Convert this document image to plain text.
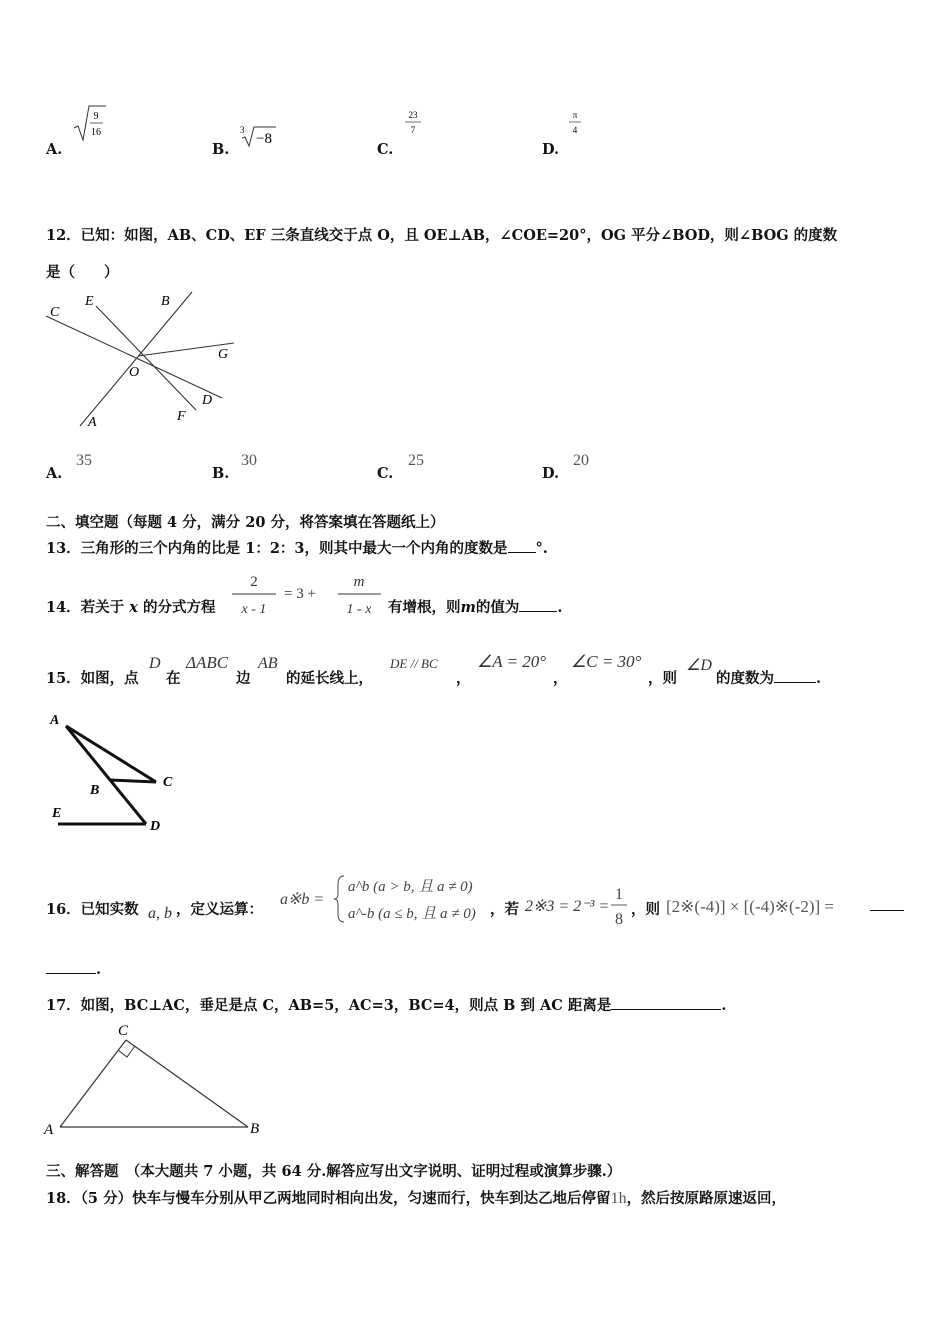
A.
9
16
B.
3
−8
C.
23
7
D.
π
4
12．已知：如图，AB、CD、EF 三条直线交于点 O，且 OE⊥AB，∠COE=20°，OG 平分∠BOD，则∠BOG 的度数
是（　　）
C
E	B
G
O
D
F
A
A.
35
B.
30
C.
25
D.
20
二、填空题（每题 4 分，满分 20 分，将答案填在答题纸上）
13．三角形的三个内角的比是 1：2：3，则其中最大一个内角的度数是 °.
14．若关于 x 的分式方程
2
x - 1
= 3 +
m
1 - x 有增根，则m的值为	.
15．如图，点
D
在
ΔABC
边
AB
的延长线上，
DE // BC
，
∠A = 20°
，
∠C = 30°
，则
∠D
的度数为	.
A
C
B
E
D
16．已知实数 a, b ，定义运算：
a※b =
a^b (a > b, 且 a ≠ 0)
a^-b (a ≤ b, 且 a ≠ 0) ，若 2※3 = 2⁻³ =
1
8
，则 [2※(-4)] × [(-4)※(-2)] =
.
17．如图，BC⊥AC，垂足是点 C，AB=5，AC=3，BC=4，则点 B 到 AC 距离是	.
C
A	B
三、解答题　（本大题共 7 小题，共 64 分.解答应写出文字说明、证明过程或演算步骤.）
18．（5 分）快车与慢车分别从甲乙两地同时相向出发，匀速而行，快车到达乙地后停留1h，然后按原路原速返回，
